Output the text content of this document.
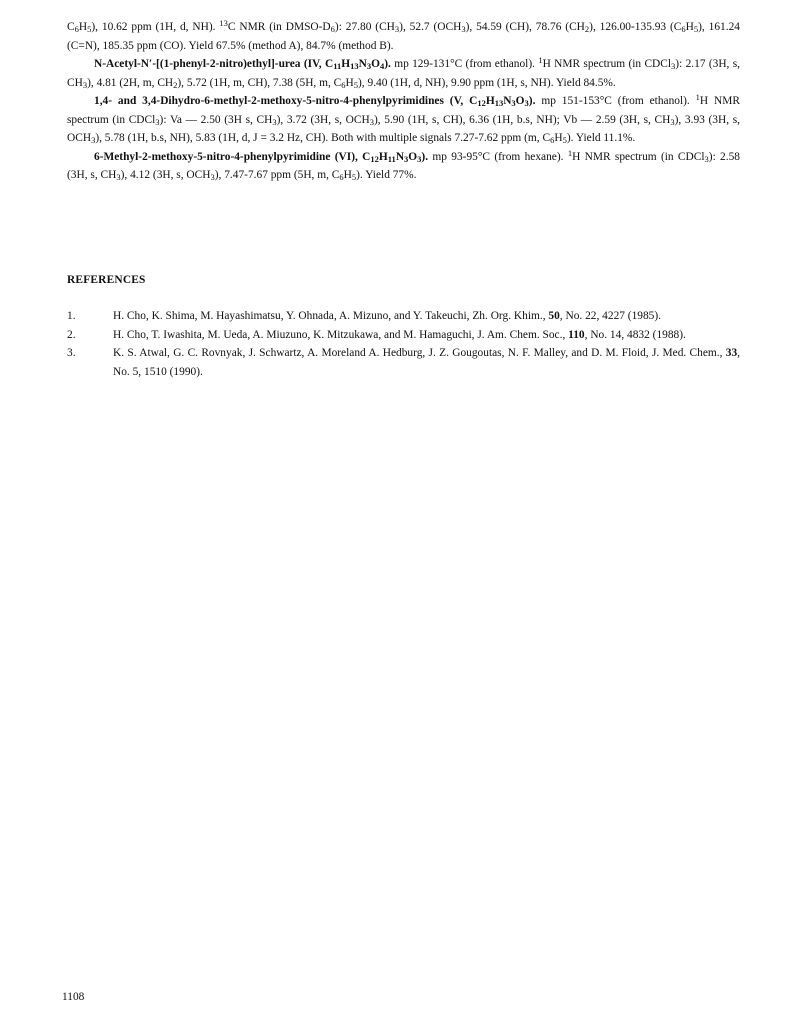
$C_6H_5$), 10.62 ppm (1H, d, NH). $^{13}$C NMR (in DMSO-$D_6$): 27.80 $(CH_3)$, 52.7 $(OCH_3)$, 54.59 (CH), 78.76 $(CH_2)$, 126.00-135.93 $(C_6H_5)$, 161.24 (C=N), 185.35 ppm (CO). Yield 67.5% (method A), 84.7% (method B).

N-Acetyl-N′-[(1-phenyl-2-nitro)ethyl]-urea (IV, $C_{11}H_{13}N_3O_4$). mp 129-131°C (from ethanol). $^1$H NMR spectrum (in CDCl$_3$): 2.17 (3H, s, $CH_3$), 4.81 (2H, m, $CH_2$), 5.72 (1H, m, CH), 7.38 (5H, m, $C_6H_5$), 9.40 (1H, d, NH), 9.90 ppm (1H, s, NH). Yield 84.5%.

1,4- and 3,4-Dihydro-6-methyl-2-methoxy-5-nitro-4-phenylpyrimidines (V, $C_{12}H_{13}N_3O_3$). mp 151-153°C (from ethanol). $^1$H NMR spectrum (in CDCl$_3$): Va — 2.50 (3H s, $CH_3$), 3.72 (3H, s, $OCH_3$), 5.90 (1H, s, CH), 6.36 (1H, b.s, NH); Vb — 2.59 (3H, s, $CH_3$), 3.93 (3H, s, $OCH_3$), 5.78 (1H, b.s, NH), 5.83 (1H, d, J = 3.2 Hz, CH). Both with multiple signals 7.27-7.62 ppm (m, $C_6H_5$). Yield 11.1%.

6-Methyl-2-methoxy-5-nitro-4-phenylpyrimidine (VI), $C_{12}H_{11}N_3O_3$). mp 93-95°C (from hexane). $^1$H NMR spectrum (in CDCl$_3$): 2.58 (3H, s, $CH_3$), 4.12 (3H, s, $OCH_3$), 7.47-7.67 ppm (5H, m, $C_6H_5$). Yield 77%.

REFERENCES
1.	H. Cho, K. Shima, M. Hayashimatsu, Y. Ohnada, A. Mizuno, and Y. Takeuchi, Zh. Org. Khim., 50, No. 22, 4227 (1985).
2.	H. Cho, T. Iwashita, M. Ueda, A. Miuzuno, K. Mitzukawa, and M. Hamaguchi, J. Am. Chem. Soc., 110, No. 14, 4832 (1988).
3.	K. S. Atwal, G. C. Rovnyak, J. Schwartz, A. Moreland A. Hedburg, J. Z. Gougoutas, N. F. Malley, and D. M. Floid, J. Med. Chem., 33, No. 5, 1510 (1990).
1108
